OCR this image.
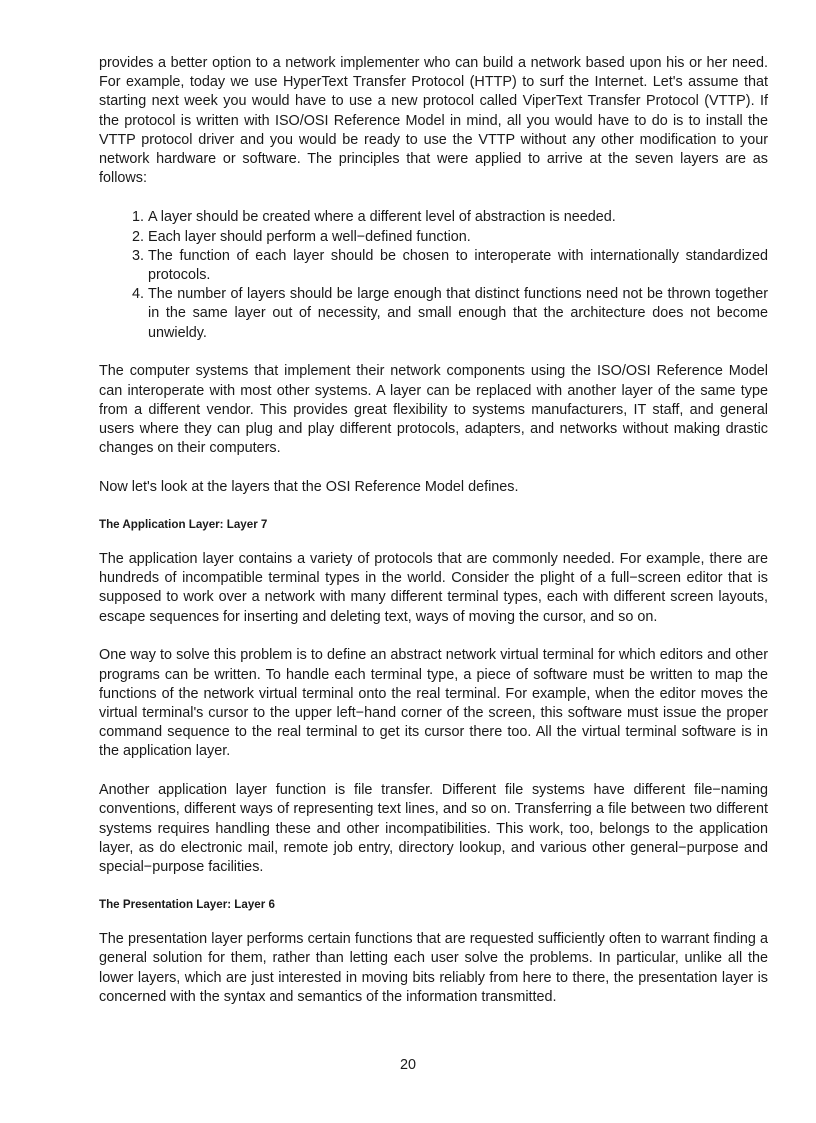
provides a better option to a network implementer who can build a network based upon his or her need. For example, today we use HyperText Transfer Protocol (HTTP) to surf the Internet. Let's assume that starting next week you would have to use a new protocol called ViperText Transfer Protocol (VTTP). If the protocol is written with ISO/OSI Reference Model in mind, all you would have to do is to install the VTTP protocol driver and you would be ready to use the VTTP without any other modification to your network hardware or software. The principles that were applied to arrive at the seven layers are as follows:

1. A layer should be created where a different level of abstraction is needed.
2. Each layer should perform a well−defined function.
3. The function of each layer should be chosen to interoperate with internationally standardized protocols.
4. The number of layers should be large enough that distinct functions need not be thrown together in the same layer out of necessity, and small enough that the architecture does not become unwieldy.

The computer systems that implement their network components using the ISO/OSI Reference Model can interoperate with most other systems. A layer can be replaced with another layer of the same type from a different vendor. This provides great flexibility to systems manufacturers, IT staff, and general users where they can plug and play different protocols, adapters, and networks without making drastic changes on their computers.

Now let's look at the layers that the OSI Reference Model defines.

The Application Layer: Layer 7

The application layer contains a variety of protocols that are commonly needed. For example, there are hundreds of incompatible terminal types in the world. Consider the plight of a full−screen editor that is supposed to work over a network with many different terminal types, each with different screen layouts, escape sequences for inserting and deleting text, ways of moving the cursor, and so on.

One way to solve this problem is to define an abstract network virtual terminal for which editors and other programs can be written. To handle each terminal type, a piece of software must be written to map the functions of the network virtual terminal onto the real terminal. For example, when the editor moves the virtual terminal's cursor to the upper left−hand corner of the screen, this software must issue the proper command sequence to the real terminal to get its cursor there too. All the virtual terminal software is in the application layer.

Another application layer function is file transfer. Different file systems have different file−naming conventions, different ways of representing text lines, and so on. Transferring a file between two different systems requires handling these and other incompatibilities. This work, too, belongs to the application layer, as do electronic mail, remote job entry, directory lookup, and various other general−purpose and special−purpose facilities.

The Presentation Layer: Layer 6

The presentation layer performs certain functions that are requested sufficiently often to warrant finding a general solution for them, rather than letting each user solve the problems. In particular, unlike all the lower layers, which are just interested in moving bits reliably from here to there, the presentation layer is concerned with the syntax and semantics of the information transmitted.

20
